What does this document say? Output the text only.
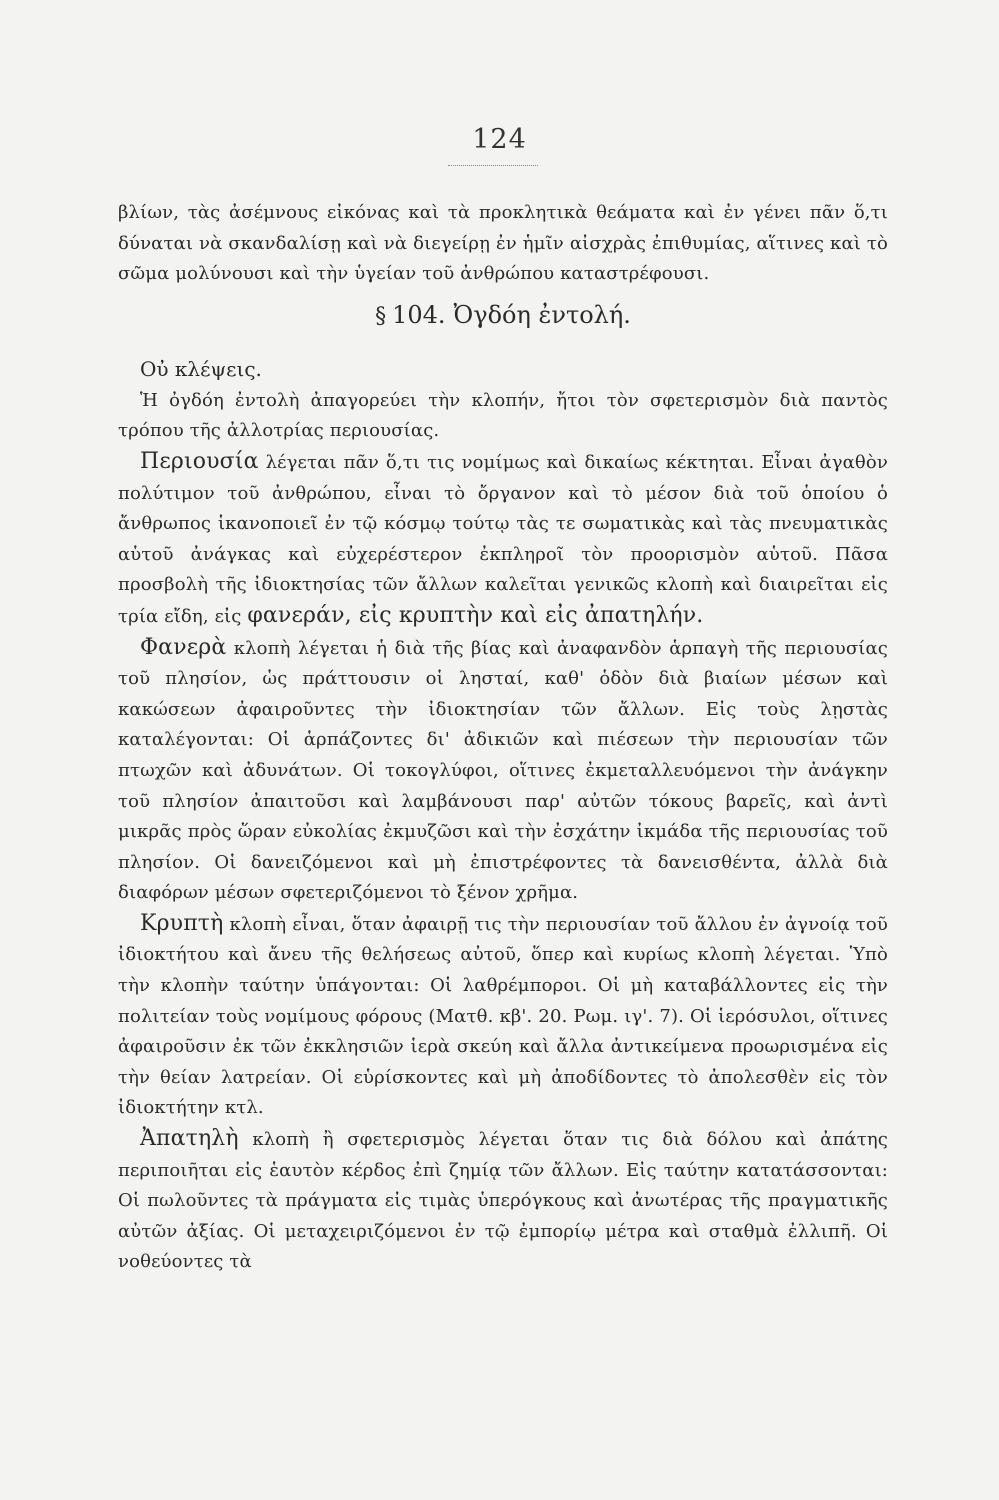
124

βλίων, τὰς ἀσέμνους εἰκόνας καὶ τὰ προκλητικὰ θεάματα καὶ ἐν γένει πᾶν ὅ,τι δύναται νὰ σκανδαλίσῃ καὶ νὰ διεγείρῃ ἐν ἡμῖν αἰσχρὰς ἐπιθυμίας, αἵτινες καὶ τὸ σῶμα μολύνουσι καὶ τὴν ὑγείαν τοῦ ἀνθρώπου καταστρέφουσι.

§ 104. Ὀγδόη ἐντολή.
Οὐ κλέψεις.

Ἡ ὀγδόη ἐντολὴ ἀπαγορεύει τὴν κλοπήν, ἤτοι τὸν σφετερισμὸν διὰ παντὸς τρόπου τῆς ἀλλοτρίας περιουσίας.

Περιουσία λέγεται πᾶν ὅ,τι τις νομίμως καὶ δικαίως κέκτηται. Εἶναι ἀγαθὸν πολύτιμον τοῦ ἀνθρώπου, εἶναι τὸ ὄργανον καὶ τὸ μέσον διὰ τοῦ ὁποίου ὁ ἄνθρωπος ἱκανοποιεῖ ἐν τῷ κόσμῳ τούτῳ τὰς τε σωματικὰς καὶ τὰς πνευματικὰς αὑτοῦ ἀνάγκας καὶ εὐχερέστερον ἐκπληροῖ τὸν προορισμὸν αὑτοῦ. Πᾶσα προσβολὴ τῆς ἰδιοκτησίας τῶν ἄλλων καλεῖται γενικῶς κλοπὴ καὶ διαιρεῖται εἰς τρία εἴδη, εἰς φανεράν, εἰς κρυπτὴν καὶ εἰς ἀπατηλήν.

Φανερὰ κλοπὴ λέγεται ἡ διὰ τῆς βίας καὶ ἀναφανδὸν ἁρπαγὴ τῆς περιουσίας τοῦ πλησίον, ὡς πράττουσιν οἱ λησταί, καθ' ὁδὸν διὰ βιαίων μέσων καὶ κακώσεων ἀφαιροῦντες τὴν ἰδιοκτησίαν τῶν ἄλλων. Εἰς τοὺς λῃστὰς καταλέγονται: Οἱ ἁρπάζοντες δι' ἀδικιῶν καὶ πιέσεων τὴν περιουσίαν τῶν πτωχῶν καὶ ἀδυνάτων. Οἱ τοκογλύφοι, οἵτινες ἐκμεταλλευόμενοι τὴν ἀνάγκην τοῦ πλησίον ἀπαιτοῦσι καὶ λαμβάνουσι παρ' αὐτῶν τόκους βαρεῖς, καὶ ἀντὶ μικρᾶς πρὸς ὥραν εὐκολίας ἐκμυζῶσι καὶ τὴν ἐσχάτην ἰκμάδα τῆς περιουσίας τοῦ πλησίον. Οἱ δανειζόμενοι καὶ μὴ ἐπιστρέφοντες τὰ δανεισθέντα, ἀλλὰ διὰ διαφόρων μέσων σφετεριζόμενοι τὸ ξένον χρῆμα.

Κρυπτὴ κλοπὴ εἶναι, ὅταν ἀφαιρῇ τις τὴν περιουσίαν τοῦ ἄλλου ἐν ἀγνοίᾳ τοῦ ἰδιοκτήτου καὶ ἄνευ τῆς θελήσεως αὐτοῦ, ὅπερ καὶ κυρίως κλοπὴ λέγεται. Ὑπὸ τὴν κλοπὴν ταύτην ὑπάγονται: Οἱ λαθρέμποροι. Οἱ μὴ καταβάλλοντες εἰς τὴν πολιτείαν τοὺς νομίμους φόρους (Ματθ. κβ'. 20. Ρωμ. ιγ'. 7). Οἱ ἱερόσυλοι, οἵτινες ἀφαιροῦσιν ἐκ τῶν ἐκκλησιῶν ἱερὰ σκεύη καὶ ἄλλα ἀντικείμενα προωρισμένα εἰς τὴν θείαν λατρείαν. Οἱ εὑρίσκοντες καὶ μὴ ἀποδίδοντες τὸ ἀπολεσθὲν εἰς τὸν ἰδιοκτήτην κτλ.

Ἀπατηλὴ κλοπὴ ἢ σφετερισμὸς λέγεται ὅταν τις διὰ δόλου καὶ ἀπάτης περιποιῆται εἰς ἑαυτὸν κέρδος ἐπὶ ζημίᾳ τῶν ἄλλων. Εἰς ταύτην κατατάσσονται: Οἱ πωλοῦντες τὰ πράγματα εἰς τιμὰς ὑπερόγκους καὶ ἀνωτέρας τῆς πραγματικῆς αὐτῶν ἀξίας. Οἱ μεταχειριζόμενοι ἐν τῷ ἐμπορίῳ μέτρα καὶ σταθμὰ ἐλλιπῆ. Οἱ νοθεύοντες τὰ
